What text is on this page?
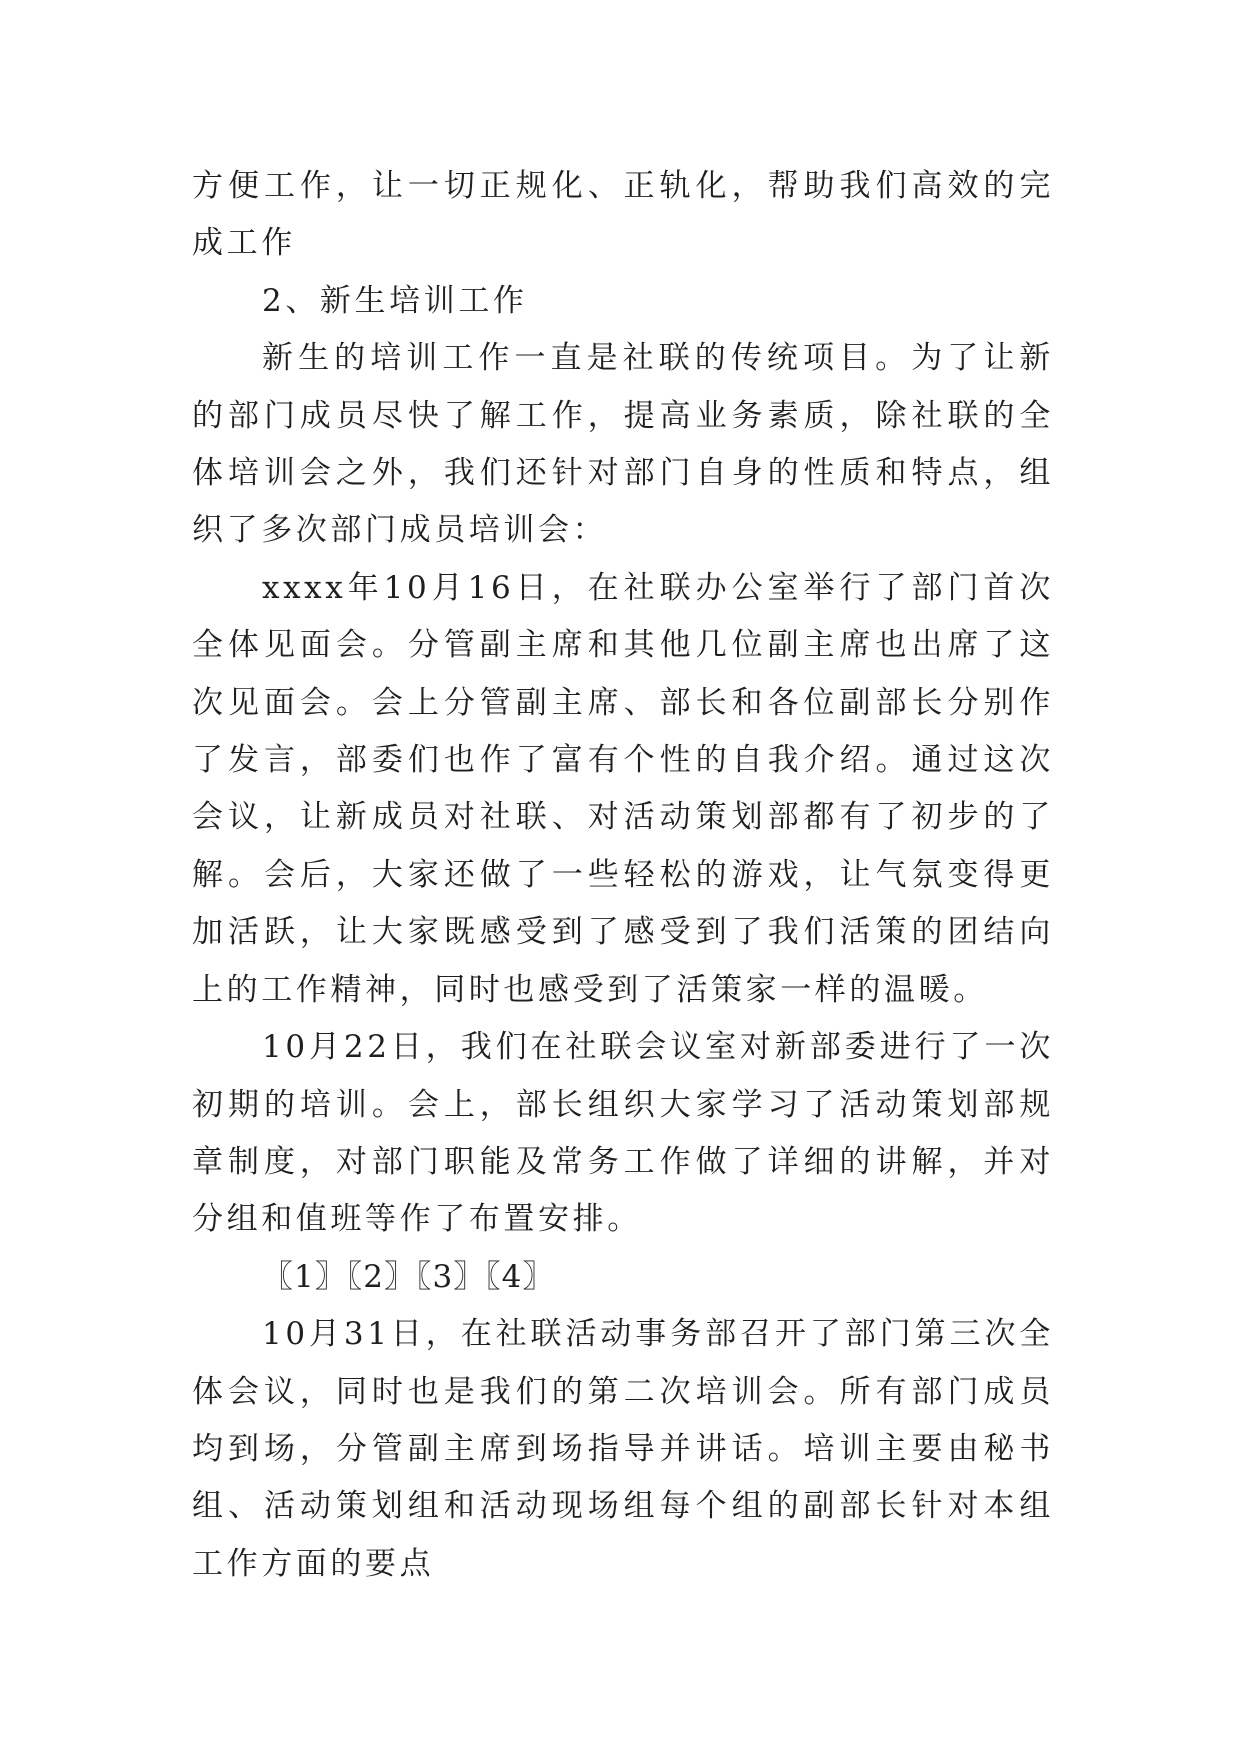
方便工作，让一切正规化、正轨化，帮助我们高效的完成工作

2、新生培训工作

新生的培训工作一直是社联的传统项目。为了让新的部门成员尽快了解工作，提高业务素质，除社联的全体培训会之外，我们还针对部门自身的性质和特点，组织了多次部门成员培训会：

xxxx年10月16日，在社联办公室举行了部门首次全体见面会。分管副主席和其他几位副主席也出席了这次见面会。会上分管副主席、部长和各位副部长分别作了发言，部委们也作了富有个性的自我介绍。通过这次会议，让新成员对社联、对活动策划部都有了初步的了解。会后，大家还做了一些轻松的游戏，让气氛变得更加活跃，让大家既感受到了感受到了我们活策的团结向上的工作精神，同时也感受到了活策家一样的温暖。

10月22日，我们在社联会议室对新部委进行了一次初期的培训。会上，部长组织大家学习了活动策划部规章制度，对部门职能及常务工作做了详细的讲解，并对分组和值班等作了布置安排。

〖1〗〖2〗〖3〗〖4〗

10月31日，在社联活动事务部召开了部门第三次全体会议，同时也是我们的第二次培训会。所有部门成员均到场，分管副主席到场指导并讲话。培训主要由秘书组、活动策划组和活动现场组每个组的副部长针对本组工作方面的要点
